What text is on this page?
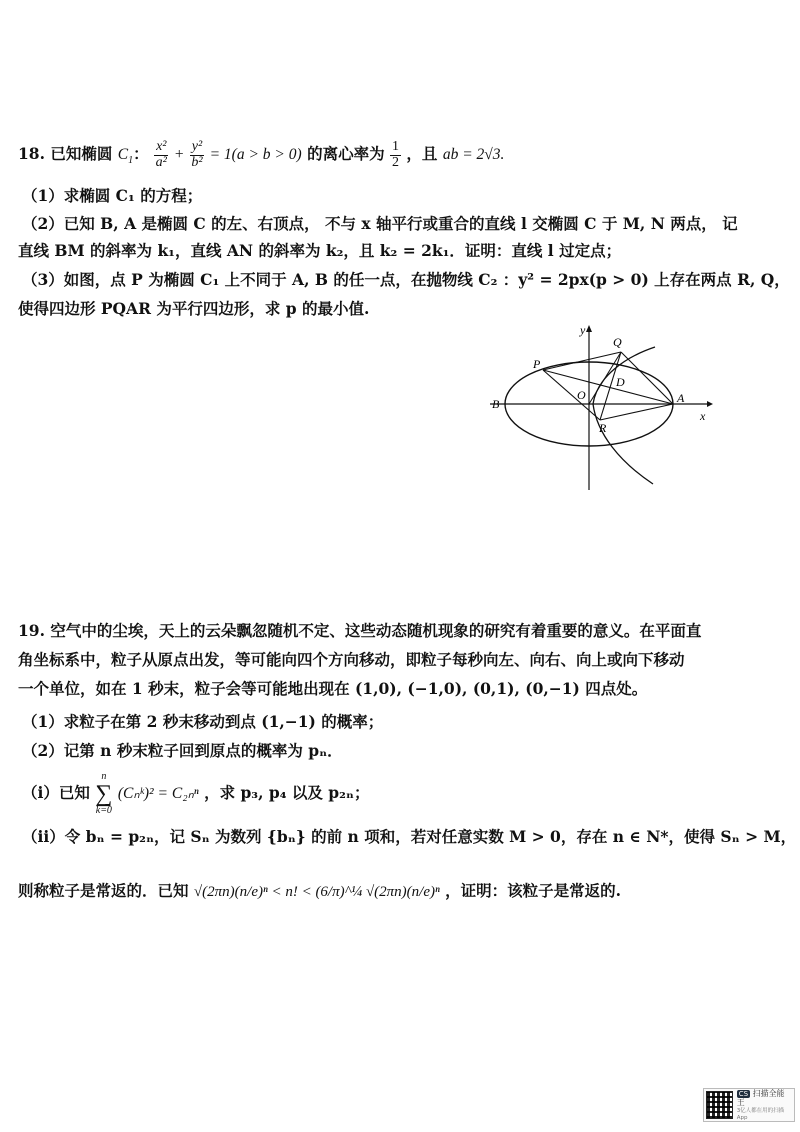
18. 已知椭圆 $C_1$： $\frac{\text{x²}}{\text{a²}} + \frac{\text{y²}}{\text{b²}} = 1(a > b > 0)$ 的离心率为 $\frac{1}{2}$ ，且 ab = 2√3.
（1）求椭圆 C₁ 的方程；
（2）已知 B, A 是椭圆 C 的左、右顶点， 不与 x 轴平行或重合的直线 l 交椭圆 C 于 M, N 两点， 记
直线 BM 的斜率为 k₁，直线 AN 的斜率为 k₂，且 k₂ = 2k₁．证明：直线 l 过定点；
（3）如图，点 P 为椭圆 C₁ 上不同于 A, B 的任一点，在抛物线 C₂ ：y² = 2px(p > 0) 上存在两点 R, Q，
使得四边形 PQAR 为平行四边形，求 p 的最小值.
y
x
Q
P
D
B
O	A
R
19. 空气中的尘埃，天上的云朵飘忽随机不定、这些动态随机现象的研究有着重要的意义。在平面直
角坐标系中，粒子从原点出发，等可能向四个方向移动，即粒子每秒向左、向右、向上或向下移动
一个单位，如在 1 秒末，粒子会等可能地出现在 (1,0), (−1,0), (0,1), (0,−1) 四点处。
（1）求粒子在第 2 秒末移动到点 (1,−1) 的概率；
（2）记第 n 秒末粒子回到原点的概率为 pₙ．
（i）已知
n
∑
k=0
(Cₙᵏ)² = C₂ₙⁿ ，求 p₃, p₄ 以及 p₂ₙ；
（ii）令 bₙ = p₂ₙ，记 Sₙ 为数列 {bₙ} 的前 n 项和，若对任意实数 M > 0，存在 n ∈ N*，使得 Sₙ > M，
则称粒子是常返的．已知 √(2πn)(n/e)ⁿ < n! < (6/π)^¼ √(2πn)(n/e)ⁿ ，证明：该粒子是常返的.
CS 扫描全能王
3亿人都在用的扫描App
